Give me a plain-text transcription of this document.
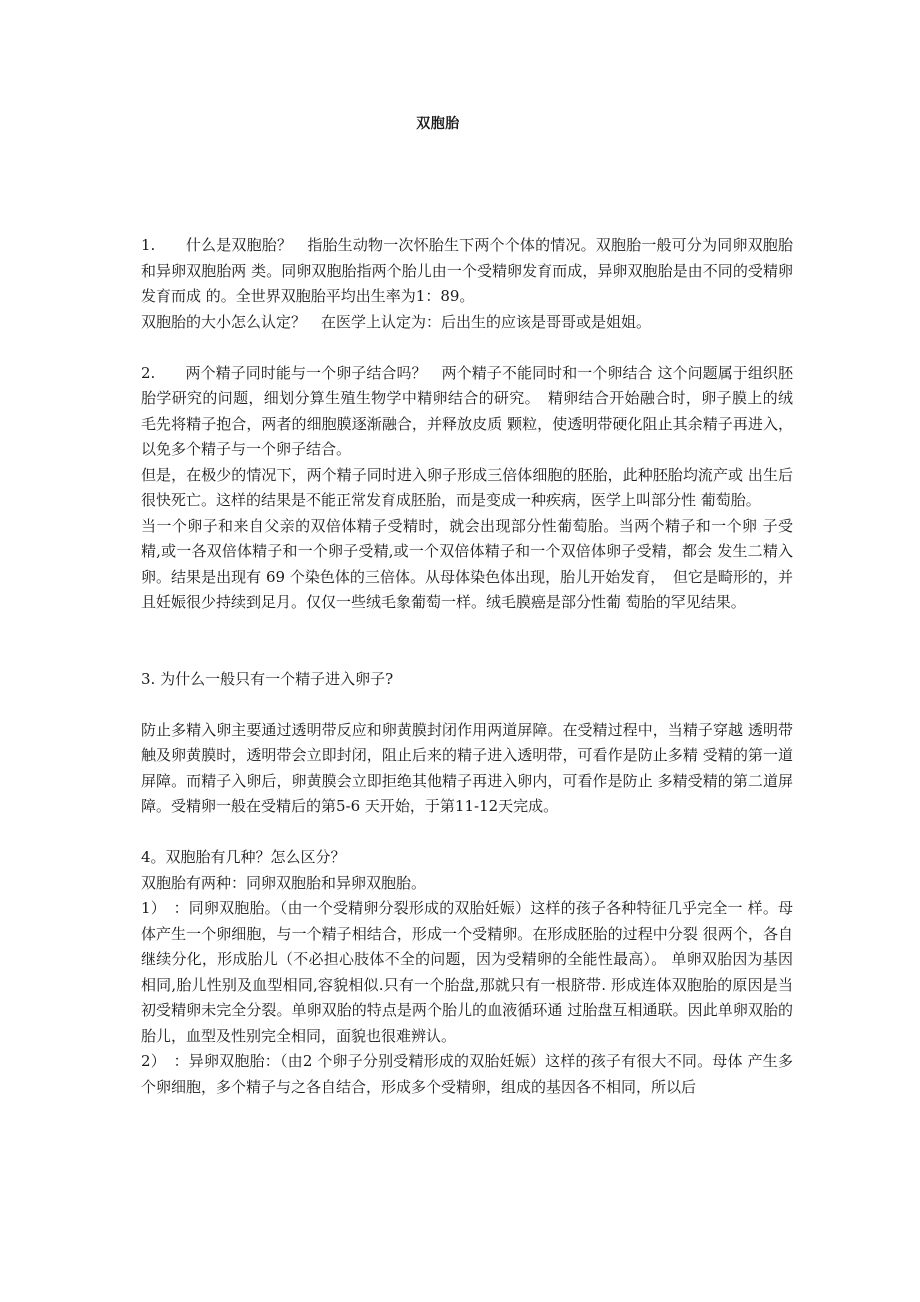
双胞胎

1.　　什么是双胞胎？　指胎生动物一次怀胎生下两个个体的情况。双胞胎一般可分为同卵双胞胎和异卵双胞胎两 类。同卵双胞胎指两个胎儿由一个受精卵发育而成，异卵双胞胎是由不同的受精卵发育而成 的。全世界双胞胎平均出生率为1：89。

双胞胎的大小怎么认定？　在医学上认定为：后出生的应该是哥哥或是姐姐。

2.　　两个精子同时能与一个卵子结合吗？　两个精子不能同时和一个卵结合 这个问题属于组织胚胎学研究的问题，细划分算生殖生物学中精卵结合的研究。　精卵结合开始融合时，卵子膜上的绒毛先将精子抱合，两者的细胞膜逐渐融合，并释放皮质 颗粒，使透明带硬化阻止其余精子再进入，以免多个精子与一个卵子结合。

但是，在极少的情况下，两个精子同时进入卵子形成三倍体细胞的胚胎，此种胚胎均流产或 出生后很快死亡。这样的结果是不能正常发育成胚胎，而是变成一种疾病，医学上叫部分性 葡萄胎。

当一个卵子和来自父亲的双倍体精子受精时，就会出现部分性葡萄胎。当两个精子和一个卵 子受精,或一各双倍体精子和一个卵子受精,或一个双倍体精子和一个双倍体卵子受精，都会 发生二精入卵。结果是出现有 69 个染色体的三倍体。从母体染色体出现，胎儿开始发育，　但它是畸形的，并且妊娠很少持续到足月。仅仅一些绒毛象葡萄一样。绒毛膜癌是部分性葡 萄胎的罕见结果。

3. 为什么一般只有一个精子进入卵子?

防止多精入卵主要通过透明带反应和卵黄膜封闭作用两道屏障。在受精过程中，当精子穿越 透明带触及卵黄膜时，透明带会立即封闭，阻止后来的精子进入透明带，可看作是防止多精 受精的第一道屏障。而精子入卵后，卵黄膜会立即拒绝其他精子再进入卵内，可看作是防止 多精受精的第二道屏障。受精卵一般在受精后的第5-6 天开始，于第11-12天完成。

4。双胞胎有几种？怎么区分？

双胞胎有两种：同卵双胞胎和异卵双胞胎。

1）　：同卵双胞胎。（由一个受精卵分裂形成的双胎妊娠）这样的孩子各种特征几乎完全一 样。母体产生一个卵细胞，与一个精子相结合，形成一个受精卵。在形成胚胎的过程中分裂 很两个，各自继续分化，形成胎儿（不必担心肢体不全的问题，因为受精卵的全能性最高）。 单卵双胎因为基因相同,胎儿性别及血型相同,容貌相似.只有一个胎盘,那就只有一根脐带. 形成连体双胞胎的原因是当初受精卵未完全分裂。单卵双胎的特点是两个胎儿的血液循环通 过胎盘互相通联。因此单卵双胎的胎儿，血型及性别完全相同，面貌也很难辨认。

2）　：异卵双胞胎：（由2 个卵子分别受精形成的双胎妊娠）这样的孩子有很大不同。母体 产生多个卵细胞，多个精子与之各自结合，形成多个受精卵，组成的基因各不相同，所以后
